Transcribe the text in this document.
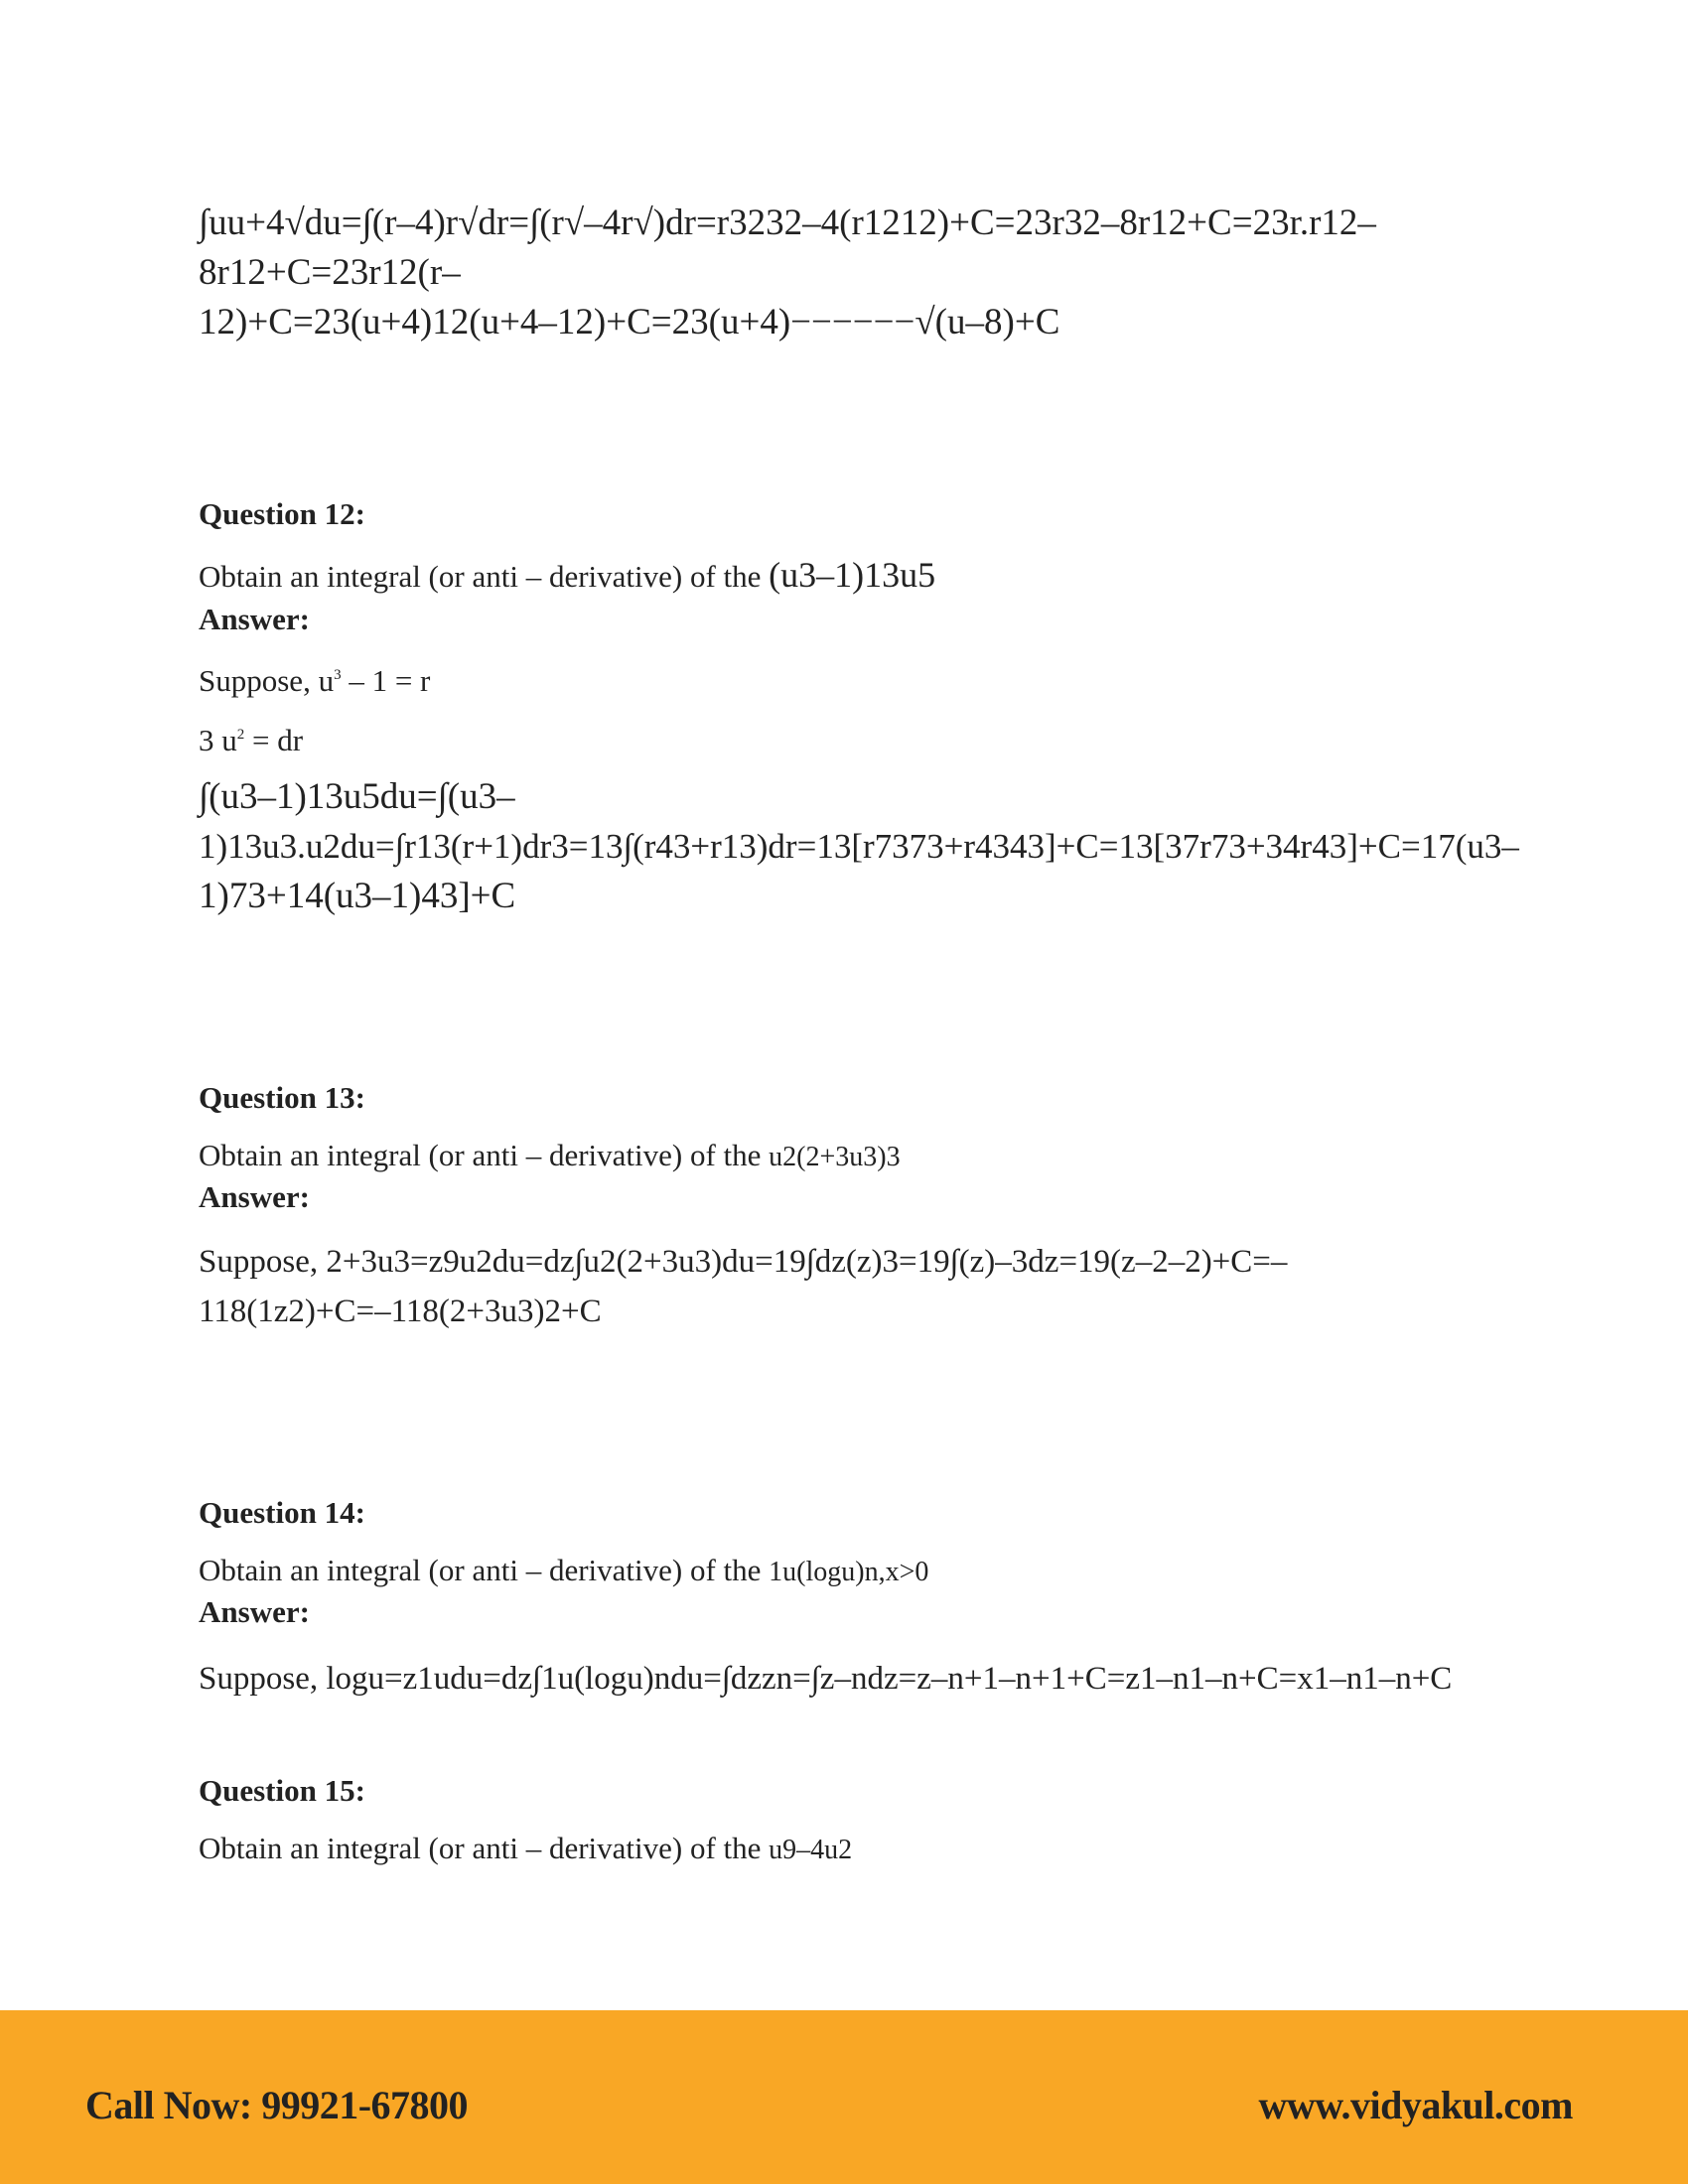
∫uu+4√du=∫(r–4)r√dr=∫(r√–4r√)dr=r3232–4(r1212)+C=23r32–8r12+C=23r.r12–8r12+C=23r12(r–
12)+C=23(u+4)12(u+4–12)+C=23(u+4)−−−−−−√(u–8)+C

Question 12:

Obtain an integral (or anti – derivative) of the (u3–1)13u5

Answer:

Suppose, $u^3 - 1 = r$

3 $u^2$ = dr

∫(u3–1)13u5du=∫(u3–
1)13u3.u2du=∫r13(r+1)dr3=13∫(r43+r13)dr=13[r7373+r4343]+C=13[37r73+34r43]+C=17(u3–
1)73+14(u3–1)43]+C

Question 13:

Obtain an integral (or anti – derivative) of the u2(2+3u3)3

Answer:

Suppose, 2+3u3=z9u2du=dz∫u2(2+3u3)du=19∫dz(z)3=19∫(z)–3dz=19(z–2–2)+C=–
118(1z2)+C=–118(2+3u3)2+C

Question 14:

Obtain an integral (or anti – derivative) of the 1u(logu)n,x>0

Answer:

Suppose, logu=z1udu=dz∫1u(logu)ndu=∫dzzn=∫z–ndz=z–n+1–n+1+C=z1–n1–n+C=x1–n1–n+C

Question 15:

Obtain an integral (or anti – derivative) of the u9–4u2

Call Now: 99921-67800	www.vidyakul.com
